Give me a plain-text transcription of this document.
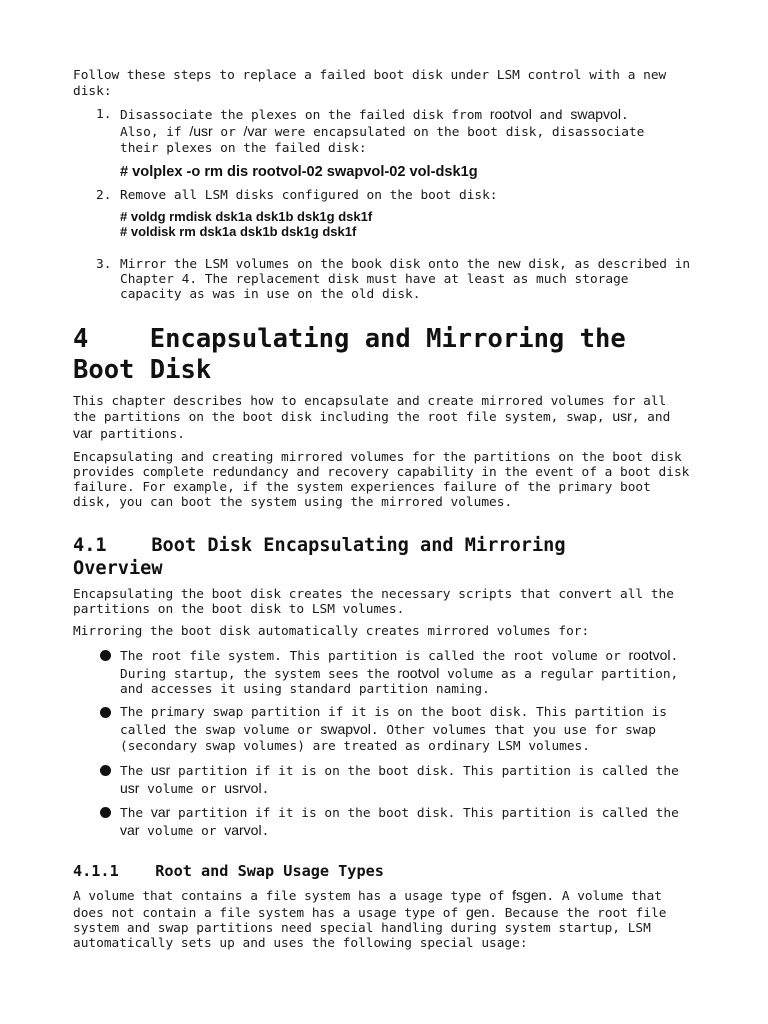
Follow these steps to replace a failed boot disk under LSM control with a new
disk:
1. Disassociate the plexes on the failed disk from rootvol and swapvol.
Also, if /usr or /var were encapsulated on the boot disk, disassociate
their plexes on the failed disk:
# volplex -o rm dis rootvol-02 swapvol-02 vol-dsk1g
2. Remove all LSM disks configured on the boot disk:
# voldg rmdisk dsk1a dsk1b dsk1g dsk1f
# voldisk rm dsk1a dsk1b dsk1g dsk1f
3. Mirror the LSM volumes on the book disk onto the new disk, as described in
Chapter 4. The replacement disk must have at least as much storage
capacity as was in use on the old disk.
4    Encapsulating and Mirroring the
Boot Disk
This chapter describes how to encapsulate and create mirrored volumes for all
the partitions on the boot disk including the root file system, swap, usr, and
var partitions.
Encapsulating and creating mirrored volumes for the partitions on the boot disk
provides complete redundancy and recovery capability in the event of a boot disk
failure. For example, if the system experiences failure of the primary boot
disk, you can boot the system using the mirrored volumes.
4.1    Boot Disk Encapsulating and Mirroring
Overview
Encapsulating the boot disk creates the necessary scripts that convert all the
partitions on the boot disk to LSM volumes.
Mirroring the boot disk automatically creates mirrored volumes for:
The root file system. This partition is called the root volume or rootvol.
During startup, the system sees the rootvol volume as a regular partition,
and accesses it using standard partition naming.
The primary swap partition if it is on the boot disk. This partition is
called the swap volume or swapvol. Other volumes that you use for swap
(secondary swap volumes) are treated as ordinary LSM volumes.
The usr partition if it is on the boot disk. This partition is called the
usr volume or usrvol.
The var partition if it is on the boot disk. This partition is called the
var volume or varvol.
4.1.1    Root and Swap Usage Types
A volume that contains a file system has a usage type of fsgen. A volume that
does not contain a file system has a usage type of gen. Because the root file
system and swap partitions need special handling during system startup, LSM
automatically sets up and uses the following special usage:
